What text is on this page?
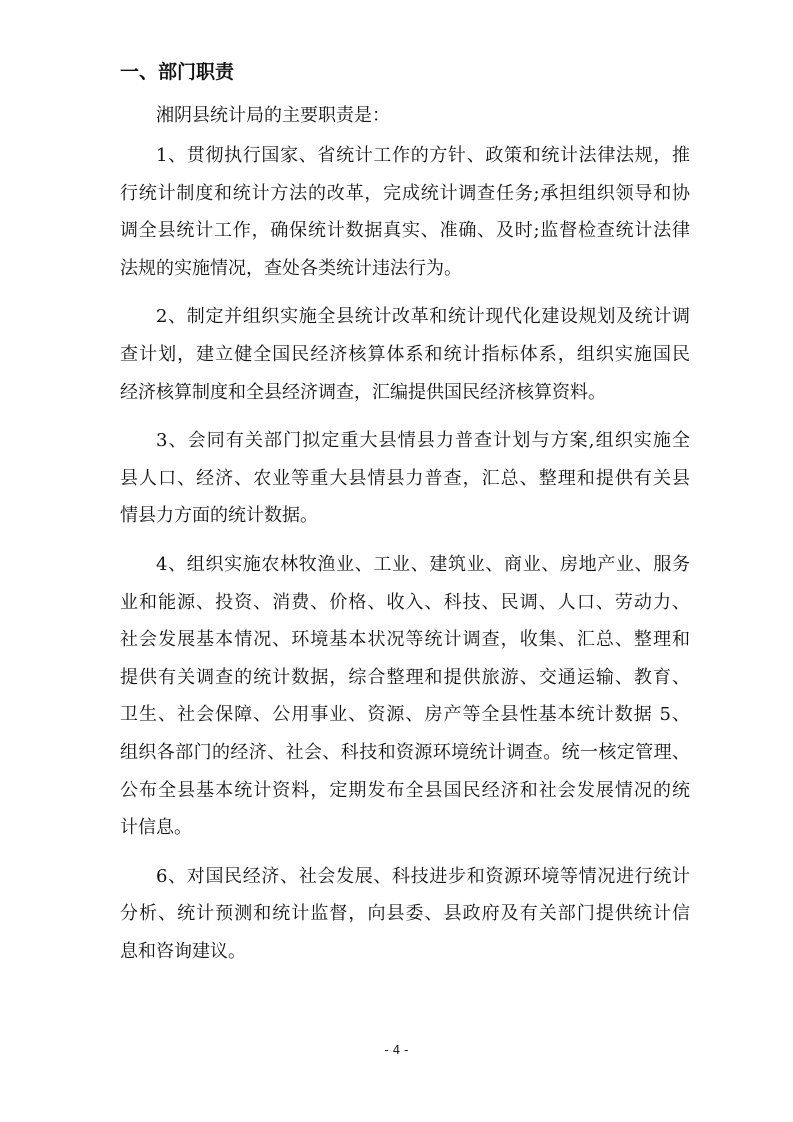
一、部门职责
湘阴县统计局的主要职责是：
1、贯彻执行国家、省统计工作的方针、政策和统计法律法规，推
行统计制度和统计方法的改革，完成统计调查任务;承担组织领导和协
调全县统计工作，确保统计数据真实、准确、及时;监督检查统计法律
法规的实施情况，查处各类统计违法行为。
2、制定并组织实施全县统计改革和统计现代化建设规划及统计调
查计划，建立健全国民经济核算体系和统计指标体系，组织实施国民
经济核算制度和全县经济调查，汇编提供国民经济核算资料。
3、会同有关部门拟定重大县情县力普查计划与方案,组织实施全
县人口、经济、农业等重大县情县力普查，汇总、整理和提供有关县
情县力方面的统计数据。
4、组织实施农林牧渔业、工业、建筑业、商业、房地产业、服务
业和能源、投资、消费、价格、收入、科技、民调、人口、劳动力、
社会发展基本情况、环境基本状况等统计调查，收集、汇总、整理和
提供有关调查的统计数据，综合整理和提供旅游、交通运输、教育、
卫生、社会保障、公用事业、资源、房产等全县性基本统计数据 5、
组织各部门的经济、社会、科技和资源环境统计调查。统一核定管理、
公布全县基本统计资料，定期发布全县国民经济和社会发展情况的统
计信息。
6、对国民经济、社会发展、科技进步和资源环境等情况进行统计
分析、统计预测和统计监督，向县委、县政府及有关部门提供统计信
息和咨询建议。
- 4 -
